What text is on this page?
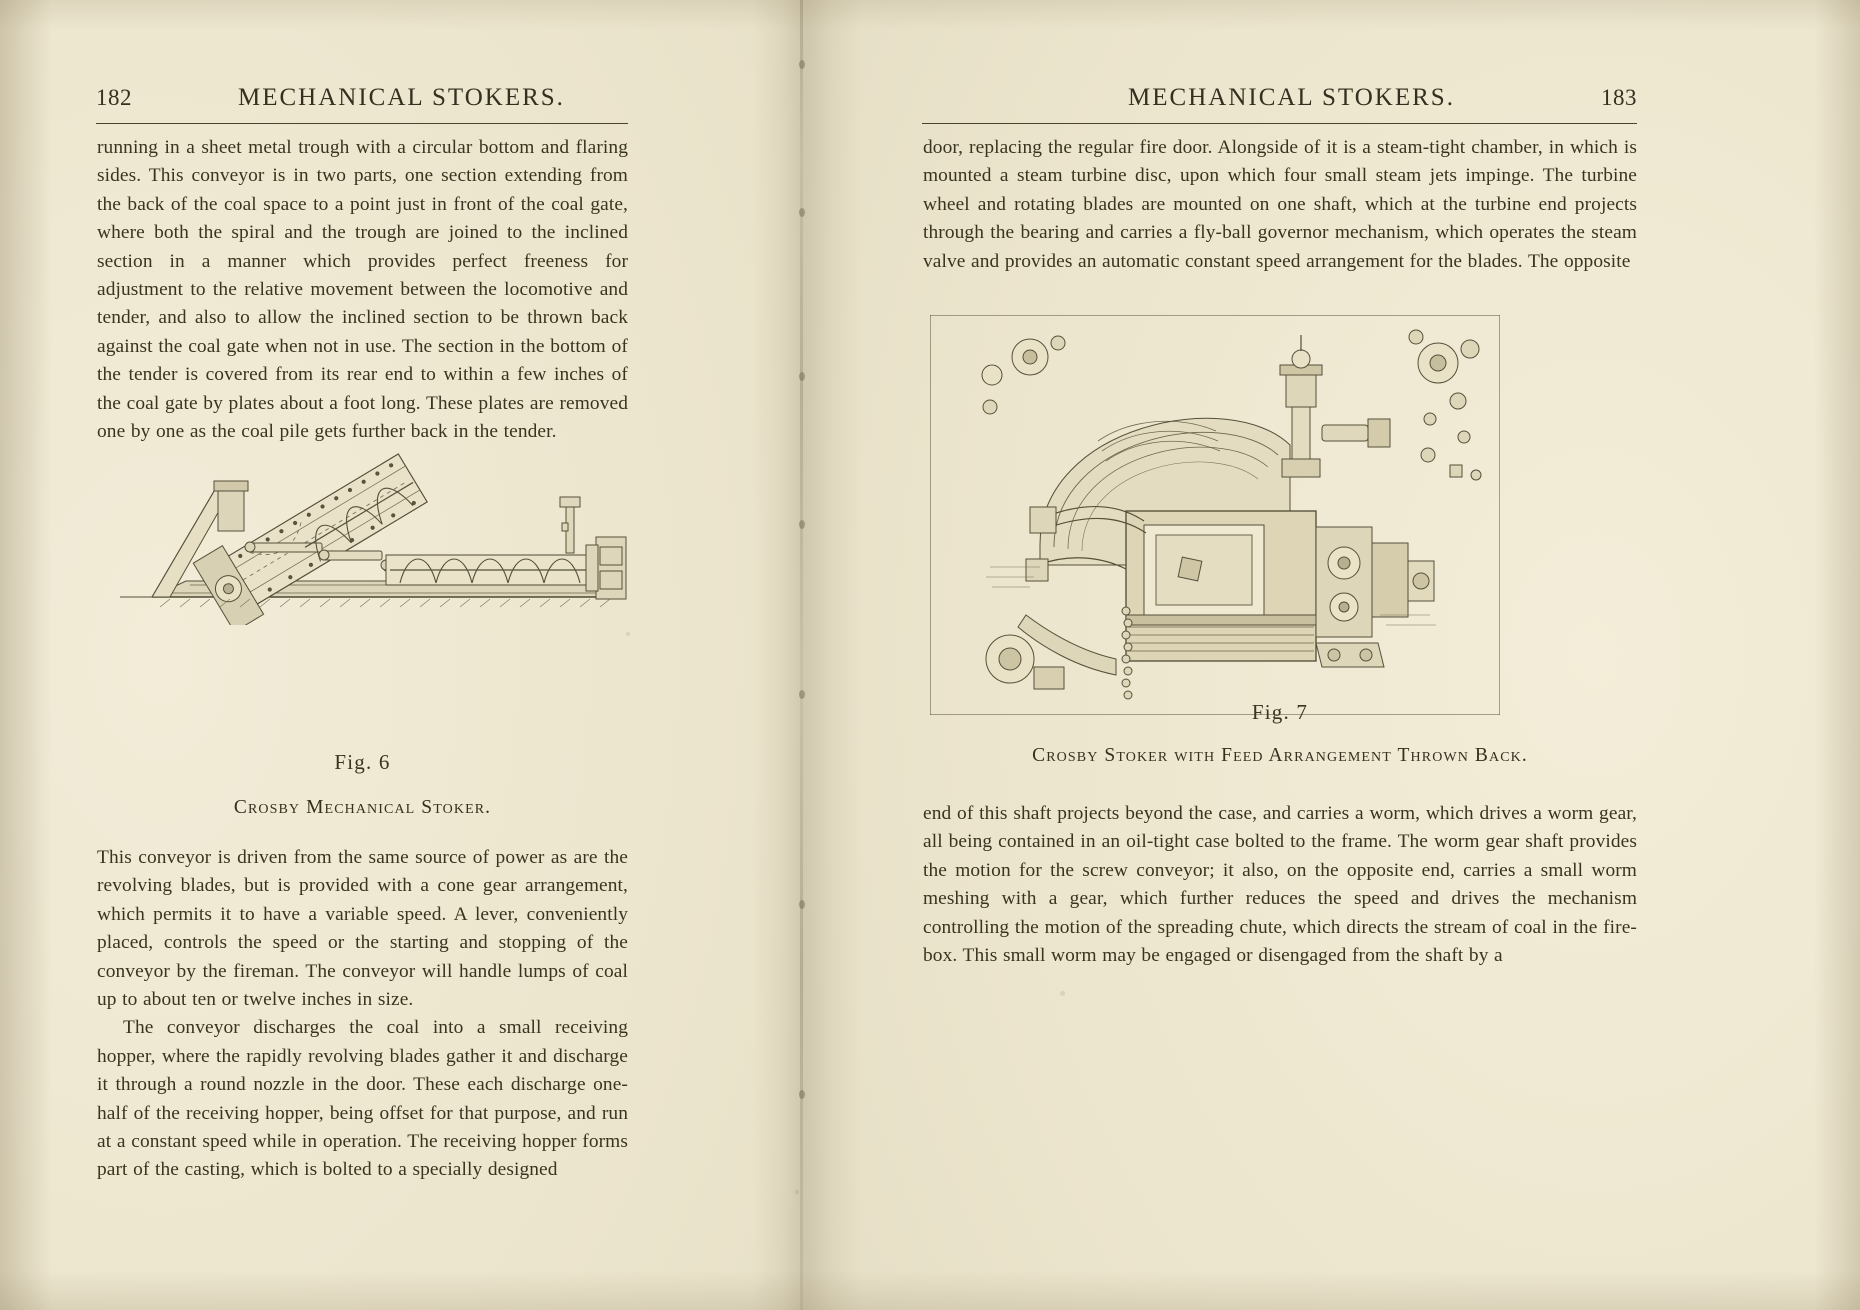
182	MECHANICAL STOKERS.

running in a sheet metal trough with a circular bottom and flaring sides. This conveyor is in two parts, one section extending from the back of the coal space to a point just in front of the coal gate, where both the spiral and the trough are joined to the inclined section in a manner which provides perfect freeness for adjustment to the relative movement between the locomotive and tender, and also to allow the inclined section to be thrown back against the coal gate when not in use. The section in the bottom of the tender is covered from its rear end to within a few inches of the coal gate by plates about a foot long. These plates are removed one by one as the coal pile gets further back in the tender.

Fig. 6
Crosby Mechanical Stoker.

This conveyor is driven from the same source of power as are the revolving blades, but is provided with a cone gear arrangement, which permits it to have a variable speed. A lever, conveniently placed, controls the speed or the starting and stopping of the conveyor by the fireman. The conveyor will handle lumps of coal up to about ten or twelve inches in size.

The conveyor discharges the coal into a small receiving hopper, where the rapidly revolving blades gather it and discharge it through a round nozzle in the door. These each discharge one-half of the receiving hopper, being offset for that purpose, and run at a constant speed while in operation. The receiving hopper forms part of the casting, which is bolted to a specially designed

MECHANICAL STOKERS.	183

door, replacing the regular fire door. Alongside of it is a steam-tight chamber, in which is mounted a steam turbine disc, upon which four small steam jets impinge. The turbine wheel and rotating blades are mounted on one shaft, which at the turbine end projects through the bearing and carries a fly-ball governor mechanism, which operates the steam valve and provides an automatic constant speed arrangement for the blades. The opposite

Fig. 7
Crosby Stoker with Feed Arrangement Thrown Back.

end of this shaft projects beyond the case, and carries a worm, which drives a worm gear, all being contained in an oil-tight case bolted to the frame. The worm gear shaft provides the motion for the screw conveyor; it also, on the opposite end, carries a small worm meshing with a gear, which further reduces the speed and drives the mechanism controlling the motion of the spreading chute, which directs the stream of coal in the fire-box. This small worm may be engaged or disengaged from the shaft by a
